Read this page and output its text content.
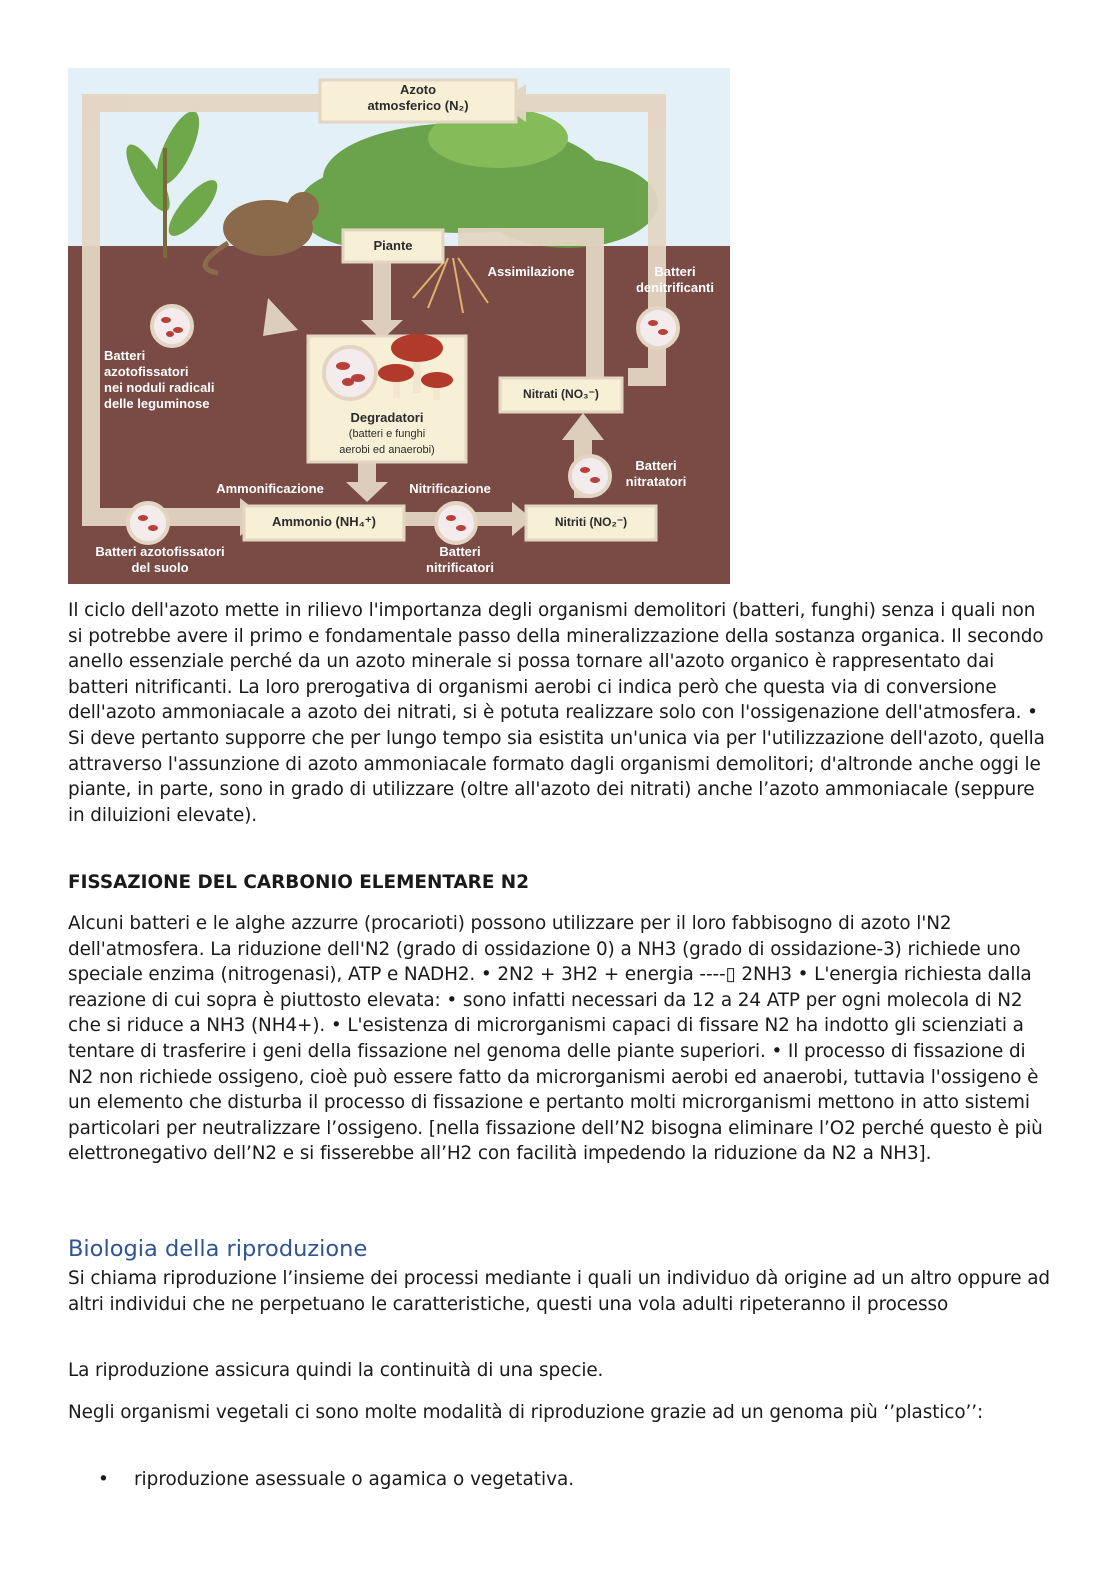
Azoto
atmosferico (N₂)
Piante
Assimilazione	Batteri
denitrificanti
Batteri
azotofissatori
nei noduli radicali
delle leguminose
Degradatori
(batteri e funghi
aerobi ed anaerobi)
Nitrati (NO₃⁻)
Batteri
nitratatori
Ammonificazione	Nitrificazione
Ammonio (NH₄⁺)	Nitriti (NO₂⁻)
Batteri azotofissatori
del suolo
Batteri
nitrificatori

Il ciclo dell'azoto mette in rilievo l'importanza degli organismi demolitori (batteri, funghi) senza i quali non si potrebbe avere il primo e fondamentale passo della mineralizzazione della sostanza organica. Il secondo anello essenziale perché da un azoto minerale si possa tornare all'azoto organico è rappresentato dai batteri nitrificanti. La loro prerogativa di organismi aerobi ci indica però che questa via di conversione dell'azoto ammoniacale a azoto dei nitrati, si è potuta realizzare solo con l'ossigenazione dell'atmosfera. • Si deve pertanto supporre che per lungo tempo sia esistita un'unica via per l'utilizzazione dell'azoto, quella attraverso l'assunzione di azoto ammoniacale formato dagli organismi demolitori; d'altronde anche oggi le piante, in parte, sono in grado di utilizzare (oltre all'azoto dei nitrati) anche l’azoto ammoniacale (seppure in diluizioni elevate).

FISSAZIONE DEL CARBONIO ELEMENTARE N2

Alcuni batteri e le alghe azzurre (procarioti) possono utilizzare per il loro fabbisogno di azoto l'N2 dell'atmosfera. La riduzione dell'N2 (grado di ossidazione 0) a NH3 (grado di ossidazione-3) richiede uno speciale enzima (nitrogenasi), ATP e NADH2. • 2N2 + 3H2 + energia ----▯ 2NH3 • L'energia richiesta dalla reazione di cui sopra è piuttosto elevata: • sono infatti necessari da 12 a 24 ATP per ogni molecola di N2 che si riduce a NH3 (NH4+). • L'esistenza di microrganismi capaci di fissare N2 ha indotto gli scienziati a tentare di trasferire i geni della fissazione nel genoma delle piante superiori. • Il processo di fissazione di N2 non richiede ossigeno, cioè può essere fatto da microrganismi aerobi ed anaerobi, tuttavia l'ossigeno è un elemento che disturba il processo di fissazione e pertanto molti microrganismi mettono in atto sistemi particolari per neutralizzare l’ossigeno. [nella fissazione dell’N2 bisogna eliminare l’O2 perché questo è più elettronegativo dell’N2 e si fisserebbe all’H2 con facilità impedendo la riduzione da N2 a NH3].

Biologia della riproduzione

Si chiama riproduzione l’insieme dei processi mediante i quali un individuo dà origine ad un altro oppure ad altri individui che ne perpetuano le caratteristiche, questi una vola adulti ripeteranno il processo

La riproduzione assicura quindi la continuità di una specie.

Negli organismi vegetali ci sono molte modalità di riproduzione grazie ad un genoma più ‘’plastico’’:

• riproduzione asessuale o agamica o vegetativa.
